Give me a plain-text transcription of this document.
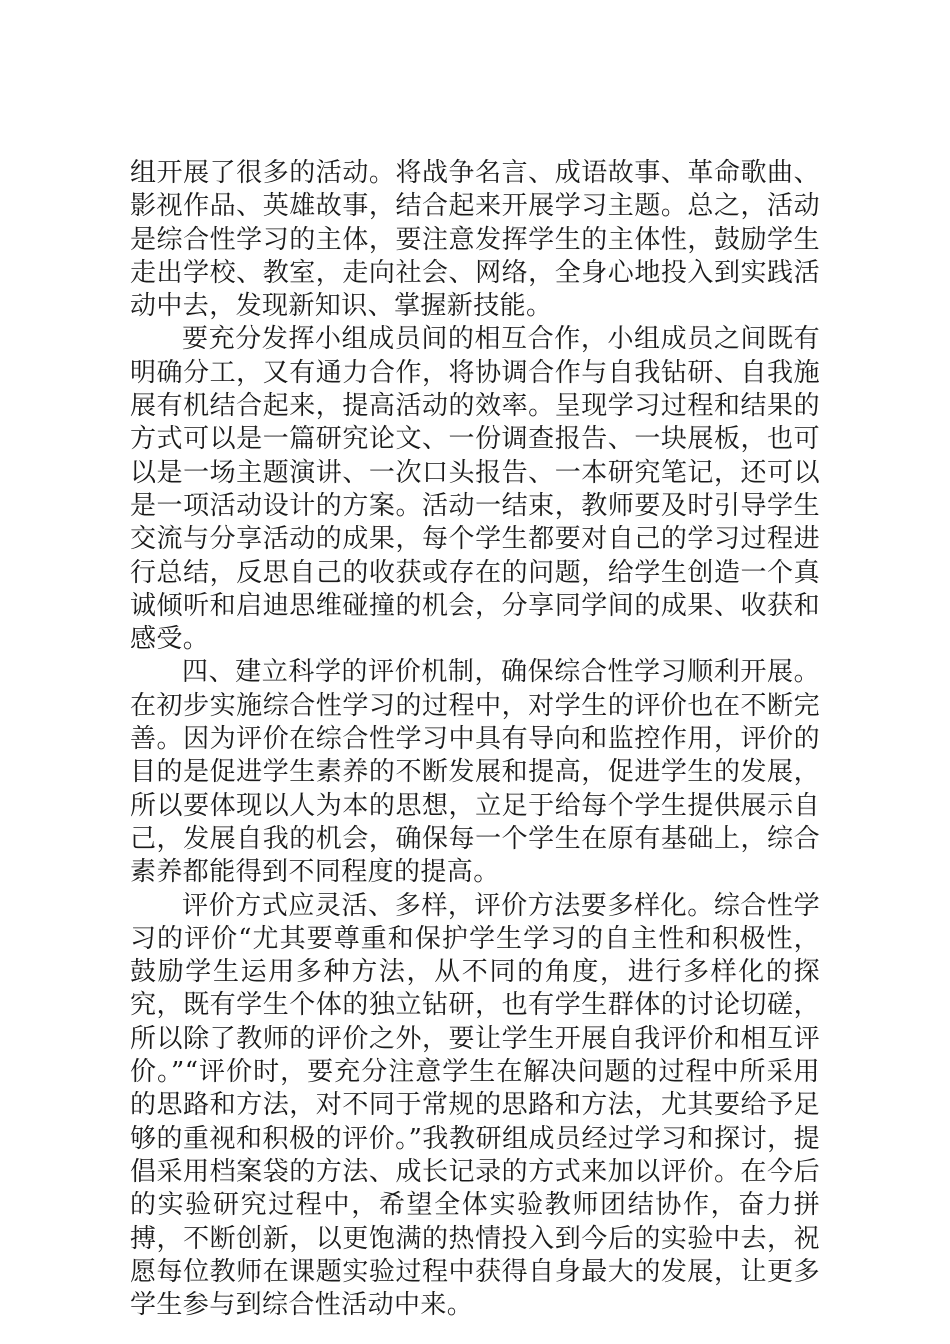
组开展了很多的活动。将战争名言、成语故事、革命歌曲、影视作品、英雄故事，结合起来开展学习主题。总之，活动是综合性学习的主体，要注意发挥学生的主体性，鼓励学生走出学校、教室，走向社会、网络，全身心地投入到实践活动中去，发现新知识、掌握新技能。

要充分发挥小组成员间的相互合作，小组成员之间既有明确分工，又有通力合作，将协调合作与自我钻研、自我施展有机结合起来，提高活动的效率。呈现学习过程和结果的方式可以是一篇研究论文、一份调查报告、一块展板，也可以是一场主题演讲、一次口头报告、一本研究笔记，还可以是一项活动设计的方案。活动一结束，教师要及时引导学生交流与分享活动的成果，每个学生都要对自己的学习过程进行总结，反思自己的收获或存在的问题，给学生创造一个真诚倾听和启迪思维碰撞的机会，分享同学间的成果、收获和感受。

四、建立科学的评价机制，确保综合性学习顺利开展。在初步实施综合性学习的过程中，对学生的评价也在不断完善。因为评价在综合性学习中具有导向和监控作用，评价的目的是促进学生素养的不断发展和提高，促进学生的发展，所以要体现以人为本的思想，立足于给每个学生提供展示自己，发展自我的机会，确保每一个学生在原有基础上，综合素养都能得到不同程度的提高。

评价方式应灵活、多样，评价方法要多样化。综合性学习的评价“尤其要尊重和保护学生学习的自主性和积极性，鼓励学生运用多种方法，从不同的角度，进行多样化的探究，既有学生个体的独立钻研，也有学生群体的讨论切磋，所以除了教师的评价之外，要让学生开展自我评价和相互评价。”“评价时，要充分注意学生在解决问题的过程中所采用的思路和方法，对不同于常规的思路和方法，尤其要给予足够的重视和积极的评价。”我教研组成员经过学习和探讨，提倡采用档案袋的方法、成长记录的方式来加以评价。在今后的实验研究过程中，希望全体实验教师团结协作，奋力拼搏，不断创新，以更饱满的热情投入到今后的实验中去，祝愿每位教师在课题实验过程中获得自身最大的发展，让更多学生参与到综合性活动中来。
